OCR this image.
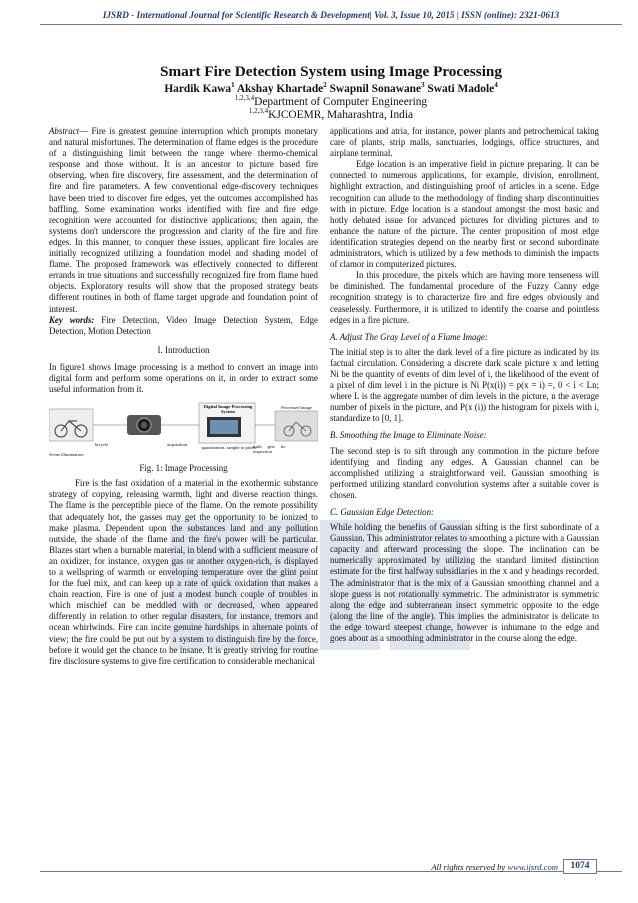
IJSRD - International Journal for Scientific Research & Development| Vol. 3, Issue 10, 2015 | ISSN (online): 2321-0613
Smart Fire Detection System using Image Processing
Hardik Kawa$^1$ Akshay Khartade$^2$ Swapnil Sonawane$^3$ Swati Madole$^4$
$^{1,2,3,4}$Department of Computer Engineering
$^{1,2,3,4}$KJCOEMR, Maharashtra, India

Abstract— Fire is greatest genuine interruption which prompts monetary and natural misfortunes. The determination of flame edges is the procedure of a distinguishing limit between the range where thermo-chemical response and those without. It is an ancestor to picture based fire observing, when fire discovery, fire assessment, and the determination of fire and fire parameters. A few conventional edge-discovery techniques have been tried to discover fire edges, yet the outcomes accomplished has baffling. Some examination works identified with fire and fire edge recognition were accounted for distinctive applications; then again, the systems don't underscore the progression and clarity of the fire and fire edges. In this manner, to conquer these issues, applicant fire locales are initially recognized utilizing a foundation model and shading model of flame. The proposed framework was effectively connected to different errands in true situations and successfully recognized fire from flame hued objects. Exploratory results will show that the proposed strategy beats different routines in both of flame target upgrade and foundation point of interest.

Key words: Fire Detection, Video Image Detection System, Edge Detection, Motion Detection

I. Introduction

In figure1 shows Image processing is a method to convert an image into digital form and perform some operations on it, in order to extract some useful information from it.

Digital Image Processing System
bicycle	acquisition
quantization, sample to pixels
truth gets its inspection
Processed image
Scene illumination
Fig. 1: Image Processing

Fire is the fast oxidation of a material in the exothermic substance strategy of copying, releasing warmth, light and diverse reaction things. The flame is the perceptible piece of the flame. On the remote possibility that adequately hot, the gasses may get the opportunity to be ionized to make plasma. Dependent upon the substances land and any pollution outside, the shade of the flame and the fire's power will be particular. Blazes start when a burnable material, in blend with a sufficient measure of an oxidizer, for instance, oxygen gas or another oxygen-rich, is displayed to a wellspring of warmth or enveloping temperature over the glint point for the fuel mix, and can keep up a rate of quick oxidation that makes a chain reaction. Fire is one of just a modest bunch couple of troubles in which mischief can be meddled with or decreased, when appeared differently in relation to other regular disasters, for instance, tremors and ocean whirlwinds. Fire can incite genuine hardships in alternate points of view; the fire could be put out by a system to distinguish fire by the force, before it would get the chance to be insane. It is greatly striving for routine fire disclosure systems to give fire certification to considerable mechanical

applications and atria, for instance, power plants and petrochemical taking care of plants, strip malls, sanctuaries, lodgings, office structures, and airplane terminal.

Edge location is an imperative field in picture preparing. It can be connected to numerous applications, for example, division, enrollment, highlight extraction, and distinguishing proof of articles in a scene. Edge recognition can allude to the methodology of finding sharp discontinuities with in picture. Edge location is a standout amongst the most basic and hotly debated issue for advanced pictures for dividing pictures and to enhance the nature of the picture. The center proposition of most edge identification strategies depend on the nearby first or second subordinate administrators, which is utilized by a few methods to diminish the impacts of clamor in computerized pictures.

In this procedure, the pixels which are having more tenseness will be diminished. The fundamental procedure of the Fuzzy Canny edge recognition strategy is to characterize fire and fire edges obviously and ceaselessly. Furthermore, it is utilized to identify the coarse and pointless edges in a fire picture.

A. Adjust The Gray Level of a Flame Image:

The initial step is to alter the dark level of a fire picture as indicated by its factual circulation. Considering a discrete dark scale picture x and letting Ni be the quantity of events of dim level of i, the likelihood of the event of a pixel of dim level i in the picture is Ni P(x(i)) = p(x = i) =, 0 < i < Ln; where L is the aggregate number of dim levels in the picture, n the average number of pixels in the picture, and P(x (i)) the histogram for pixels with i, standardize to [0, 1].

B. Smoothing the Image to Eliminate Noise:

The second step is to sift through any commotion in the picture before identifying and finding any edges. A Gaussian channel can be accomplished utilizing a straightforward veil. Gaussian smoothing is performed utilizing standard convolution systems after a suitable cover is chosen.

C. Gaussian Edge Detection:

While holding the benefits of Gaussian sifting is the first subordinate of a Gaussian. This administrator relates to smoothing a picture with a Gaussian capacity and afterward processing the slope. The inclination can be numerically approximated by utilizing the standard limited distinction estimate for the first halfway subsidiaries in the x and y headings recorded. The administrator that is the mix of a Gaussian smoothing channel and a slope guess is not rotationally symmetric. The administrator is symmetric along the edge and subterranean insect symmetric opposite to the edge (along the line of the angle). This implies the administrator is delicate to the edge toward steepest change, however is inhumane to the edge and goes about as a smoothing administrator in the course along the edge.

All rights reserved by www.ijsrd.com	1074
